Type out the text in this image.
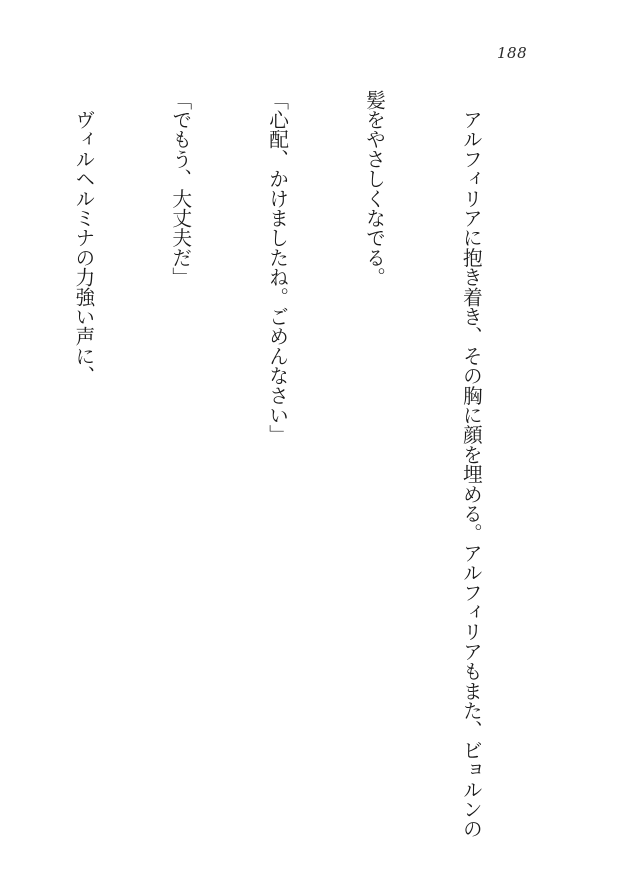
188

　アルフィリアに抱き着き、その胸に顔を埋める。アルフィリアもまた、ビョルンの

髪をやさしくなでる。

「心配、かけましたね。ごめんなさい」

「でもう、大丈夫だ」

　ヴィルヘルミナの力強い声に、
